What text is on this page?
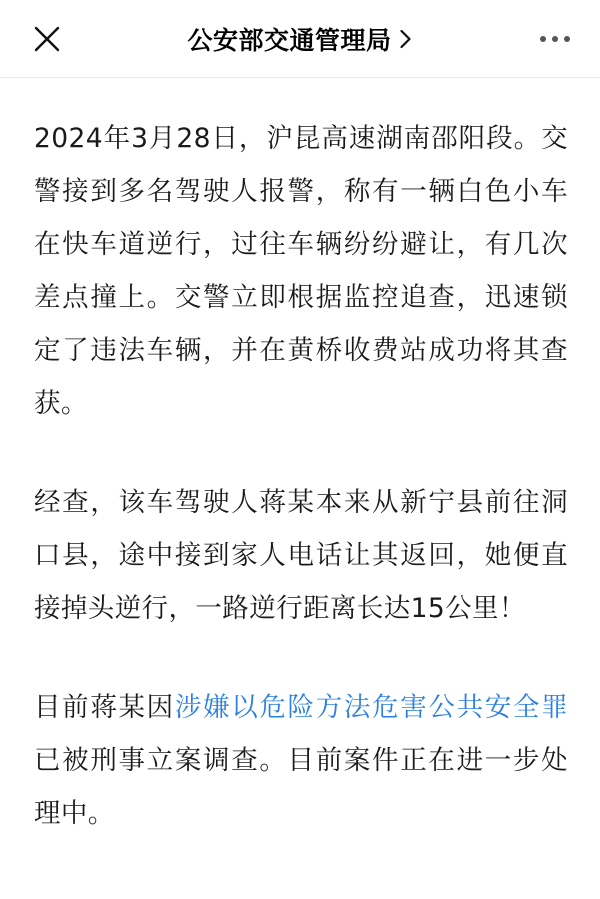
公安部交通管理局

2024年3月28日，沪昆高速湖南邵阳段。交警接到多名驾驶人报警，称有一辆白色小车在快车道逆行，过往车辆纷纷避让，有几次差点撞上。交警立即根据监控追查，迅速锁定了违法车辆，并在黄桥收费站成功将其查获。

经查，该车驾驶人蒋某本来从新宁县前往洞口县，途中接到家人电话让其返回，她便直接掉头逆行，一路逆行距离长达15公里！

目前蒋某因涉嫌以危险方法危害公共安全罪已被刑事立案调查。目前案件正在进一步处理中。
